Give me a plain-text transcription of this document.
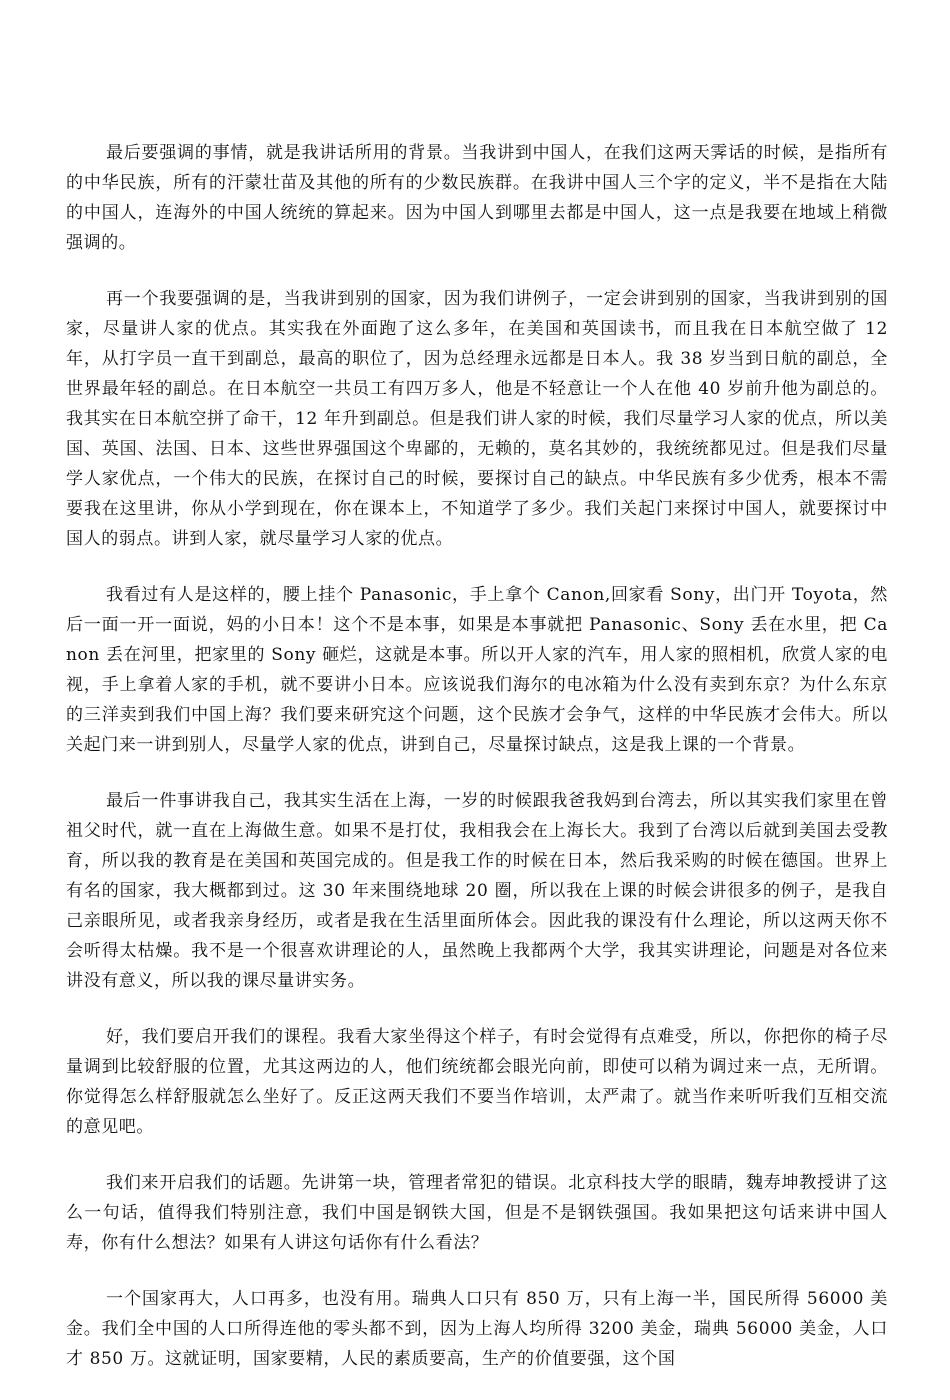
最后要强调的事情，就是我讲话所用的背景。当我讲到中国人，在我们这两天霁话的时候，是指所有的中华民族，所有的汗蒙壮苗及其他的所有的少数民族群。在我讲中国人三个字的定义，半不是指在大陆的中国人，连海外的中国人统统的算起来。因为中国人到哪里去都是中国人，这一点是我要在地域上稍微强调的。

再一个我要强调的是，当我讲到别的国家，因为我们讲例子，一定会讲到别的国家，当我讲到别的国家，尽量讲人家的优点。其实我在外面跑了这么多年，在美国和英国读书，而且我在日本航空做了 12 年，从打字员一直干到副总，最高的职位了，因为总经理永远都是日本人。我 38 岁当到日航的副总，全世界最年轻的副总。在日本航空一共员工有四万多人，他是不轻意让一个人在他 40 岁前升他为副总的。我其实在日本航空拼了命干，12 年升到副总。但是我们讲人家的时候，我们尽量学习人家的优点，所以美国、英国、法国、日本、这些世界强国这个卑鄙的，无赖的，莫名其妙的，我统统都见过。但是我们尽量学人家优点，一个伟大的民族，在探讨自己的时候，要探讨自己的缺点。中华民族有多少优秀，根本不需要我在这里讲，你从小学到现在，你在课本上，不知道学了多少。我们关起门来探讨中国人，就要探讨中国人的弱点。讲到人家，就尽量学习人家的优点。

我看过有人是这样的，腰上挂个 Panasonic，手上拿个 Canon,回家看 Sony，出门开 Toyota，然后一面一开一面说，妈的小日本！这个不是本事，如果是本事就把 Panasonic、Sony 丢在水里，把 Canon 丢在河里，把家里的 Sony 砸烂，这就是本事。所以开人家的汽车，用人家的照相机，欣赏人家的电视，手上拿着人家的手机，就不要讲小日本。应该说我们海尔的电冰箱为什么没有卖到东京？为什么东京的三洋卖到我们中国上海？我们要来研究这个问题，这个民族才会争气，这样的中华民族才会伟大。所以关起门来一讲到别人，尽量学人家的优点，讲到自己，尽量探讨缺点，这是我上课的一个背景。

最后一件事讲我自己，我其实生活在上海，一岁的时候跟我爸我妈到台湾去，所以其实我们家里在曾祖父时代，就一直在上海做生意。如果不是打仗，我相我会在上海长大。我到了台湾以后就到美国去受教育，所以我的教育是在美国和英国完成的。但是我工作的时候在日本，然后我采购的时候在德国。世界上有名的国家，我大概都到过。这 30 年来围绕地球 20 圈，所以我在上课的时候会讲很多的例子，是我自己亲眼所见，或者我亲身经历，或者是我在生活里面所体会。因此我的课没有什么理论，所以这两天你不会听得太枯燥。我不是一个很喜欢讲理论的人，虽然晚上我都两个大学，我其实讲理论，问题是对各位来讲没有意义，所以我的课尽量讲实务。

好，我们要启开我们的课程。我看大家坐得这个样子，有时会觉得有点难受，所以，你把你的椅子尽量调到比较舒服的位置，尤其这两边的人，他们统统都会眼光向前，即使可以稍为调过来一点，无所谓。你觉得怎么样舒服就怎么坐好了。反正这两天我们不要当作培训，太严肃了。就当作来听听我们互相交流的意见吧。

我们来开启我们的话题。先讲第一块，管理者常犯的错误。北京科技大学的眼睛，魏寿坤教授讲了这么一句话，值得我们特别注意，我们中国是钢铁大国，但是不是钢铁强国。我如果把这句话来讲中国人寿，你有什么想法？如果有人讲这句话你有什么看法？

一个国家再大，人口再多，也没有用。瑞典人口只有 850 万，只有上海一半，国民所得 56000 美金。我们全中国的人口所得连他的零头都不到，因为上海人均所得 3200 美金，瑞典 56000 美金，人口才 850 万。这就证明，国家要精，人民的素质要高，生产的价值要强，这个国
